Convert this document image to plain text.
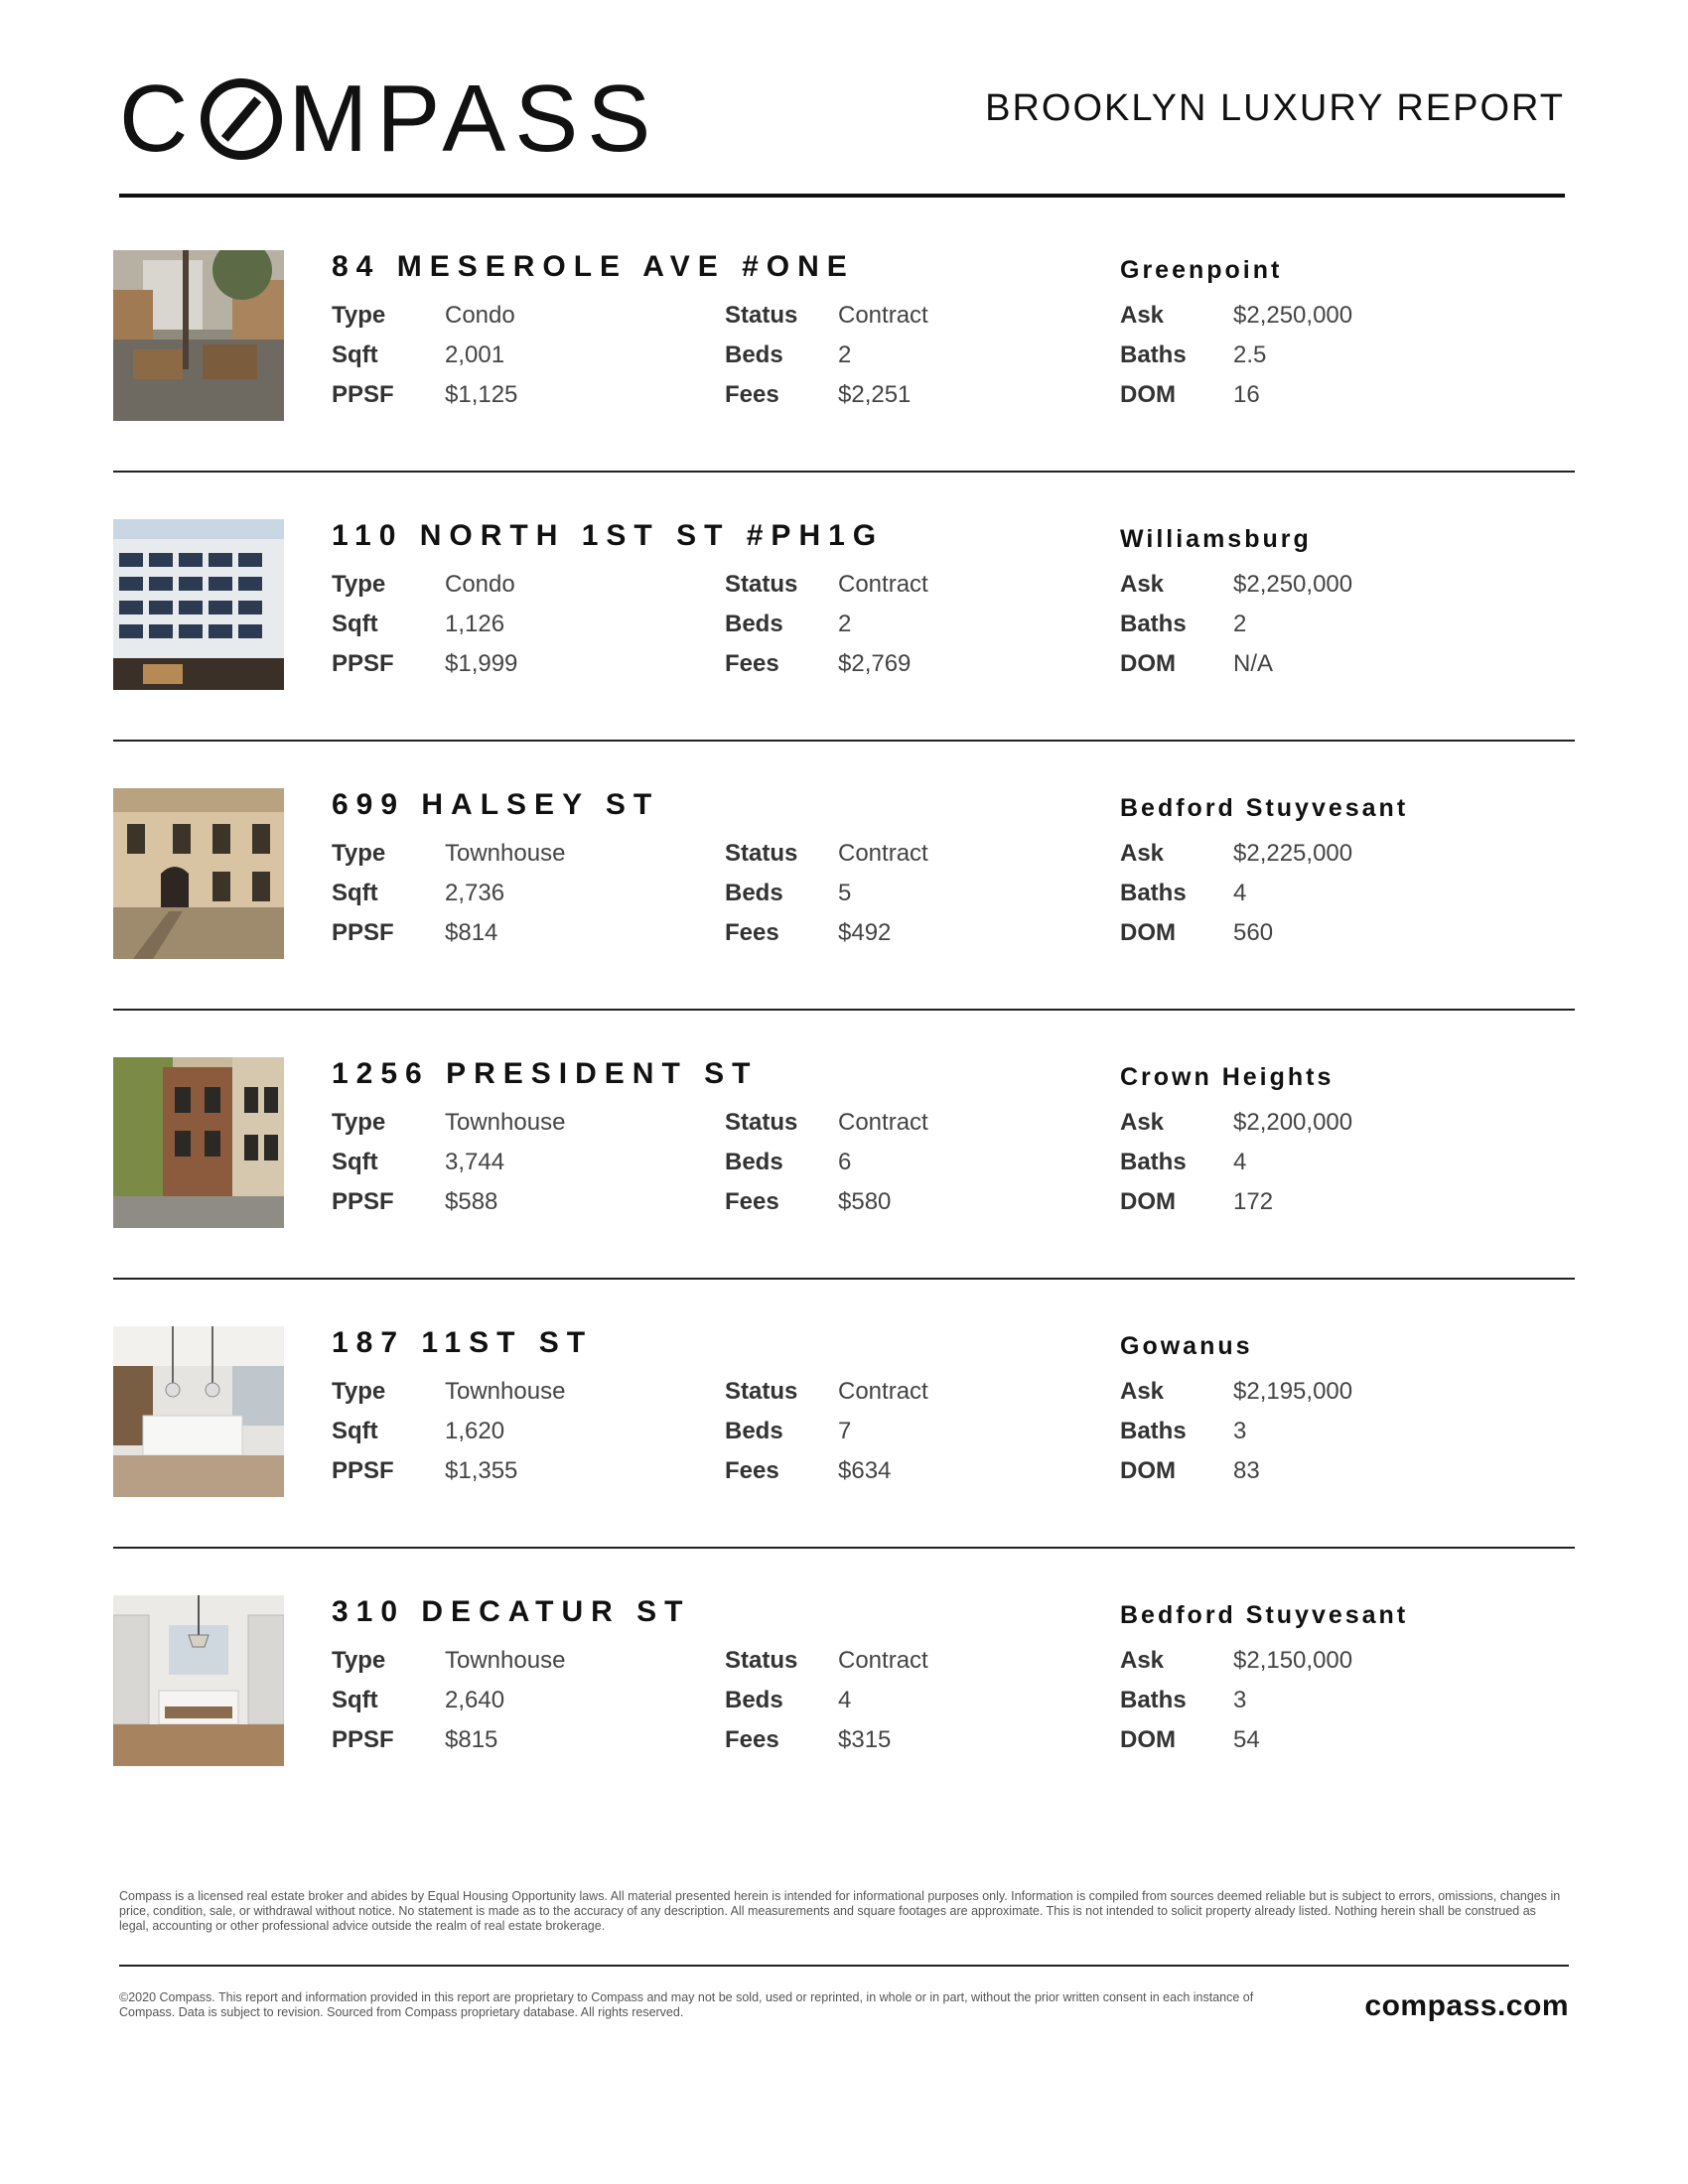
C MPASS	BROOKLYN LUXURY REPORT
84 MESEROLE AVE #ONE	Greenpoint
Type Condo	Status Contract	Ask	$2,250,000
Sqft	2,001	Beds 2	Baths 2.5
PPSF $1,125	Fees $2,251	DOM 16
110 NORTH 1ST ST #PH1G	Williamsburg
Type Condo	Status Contract	Ask	$2,250,000
Sqft	1,126	Beds 2	Baths 2
PPSF $1,999	Fees $2,769	DOM N/A
699 HALSEY ST	Bedford Stuyvesant
Type Townhouse	Status Contract	Ask	$2,225,000
Sqft	2,736	Beds 5	Baths 4
PPSF $814	Fees $492	DOM 560
1256 PRESIDENT ST	Crown Heights
Type Townhouse	Status Contract	Ask	$2,200,000
Sqft	3,744	Beds 6	Baths 4
PPSF $588	Fees $580	DOM 172
187 11ST ST	Gowanus
Type Townhouse	Status Contract	Ask	$2,195,000
Sqft	1,620	Beds 7	Baths 3
PPSF $1,355	Fees $634	DOM 83
310 DECATUR ST	Bedford Stuyvesant
Type Townhouse	Status Contract	Ask	$2,150,000
Sqft	2,640	Beds 4	Baths 3
PPSF $815	Fees $315	DOM 54
Compass is a licensed real estate broker and abides by Equal Housing Opportunity laws. All material presented herein is intended for informational purposes only. Information is compiled from sources deemed reliable but is subject to errors, omissions, changes in price, condition, sale, or withdrawal without notice. No statement is made as to the accuracy of any description. All measurements and square footages are approximate. This is not intended to solicit property already listed. Nothing herein shall be construed as legal, accounting or other professional advice outside the realm of real estate brokerage.
©2020 Compass. This report and information provided in this report are proprietary to Compass and may not be sold, used or reprinted, in whole or in part, without the prior written consent in each instance of Compass. Data is subject to revision. Sourced from Compass proprietary database. All rights reserved.	compass.com
